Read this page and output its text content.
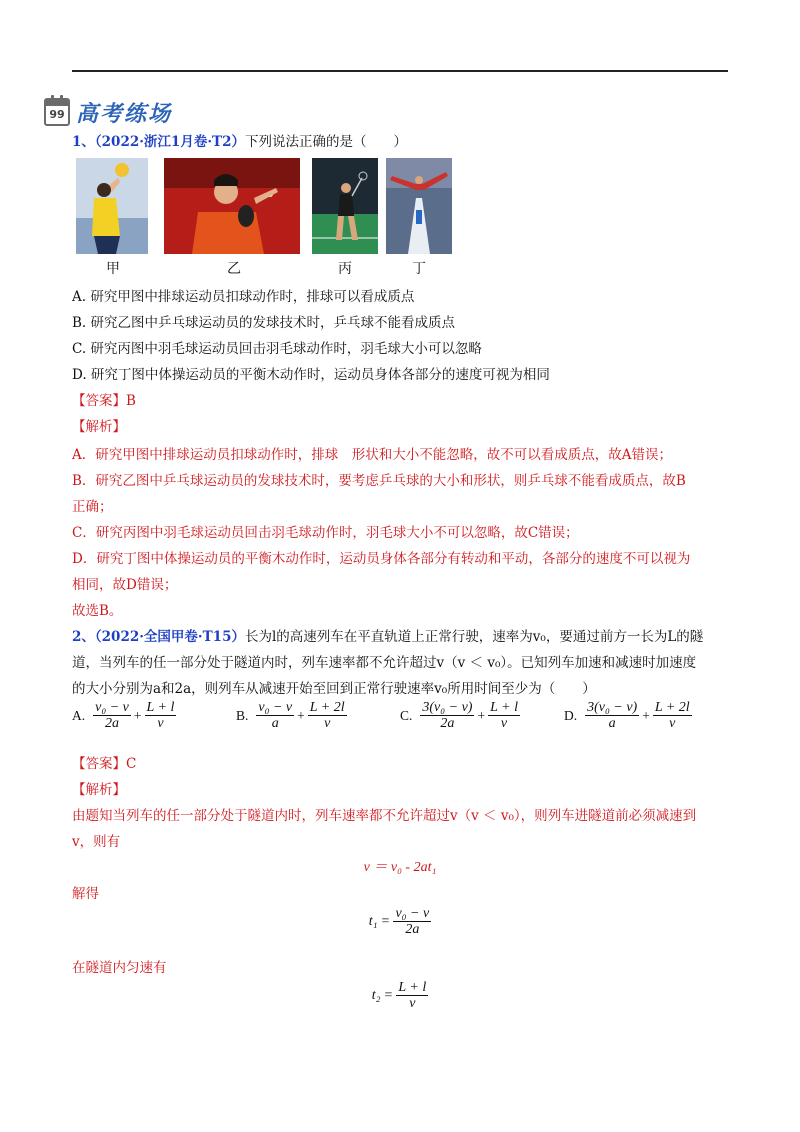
99 高考练场
1、（2022·浙江1月卷·T2）下列说法正确的是（　　）
甲	乙	丙	丁
A. 研究甲图中排球运动员扣球动作时，排球可以看成质点
B. 研究乙图中乒乓球运动员的发球技术时，乒乓球不能看成质点
C. 研究丙图中羽毛球运动员回击羽毛球动作时，羽毛球大小可以忽略
D. 研究丁图中体操运动员的平衡木动作时，运动员身体各部分的速度可视为相同
【答案】B
【解析】
A．研究甲图中排球运动员扣球动作时，排球　形状和大小不能忽略，故不可以看成质点，故A错误；
B．研究乙图中乒乓球运动员的发球技术时，要考虑乒乓球的大小和形状，则乒乓球不能看成质点，故B
正确；
C．研究丙图中羽毛球运动员回击羽毛球动作时，羽毛球大小不可以忽略，故C错误；
D．研究丁图中体操运动员的平衡木动作时，运动员身体各部分有转动和平动，各部分的速度不可以视为
相同，故D错误；
故选B。
2、（2022·全国甲卷·T15）长为l的高速列车在平直轨道上正常行驶，速率为v₀，要通过前方一长为L的隧
道，当列车的任一部分处于隧道内时，列车速率都不允许超过v（v ＜ v₀）。已知列车加速和减速时加速度
的大小分别为a和2a，则列车从减速开始至回到正常行驶速率v₀所用时间至少为（　　）
A. $\frac{\text{v₀ − v}}{2a} + \frac{L + l}{v}$	B. $\frac{\text{v₀ − v}}{a} + \frac{L + 2l}{v}$	C. $\frac{\text{3(v₀ − v)}}{2a} + \frac{L + l}{v}$	D. $\frac{\text{3(v₀ − v)}}{a} + \frac{L + 2l}{v}$
【答案】C
【解析】
由题知当列车的任一部分处于隧道内时，列车速率都不允许超过v（v ＜ v₀），则列车进隧道前必须减速到
v，则有
v ＝ v₀ - 2at₁
解得
$t_1 = \frac{\text{v₀ − v}}{2a}$
在隧道内匀速有
$t_2 = \frac{L + l}{v}$
